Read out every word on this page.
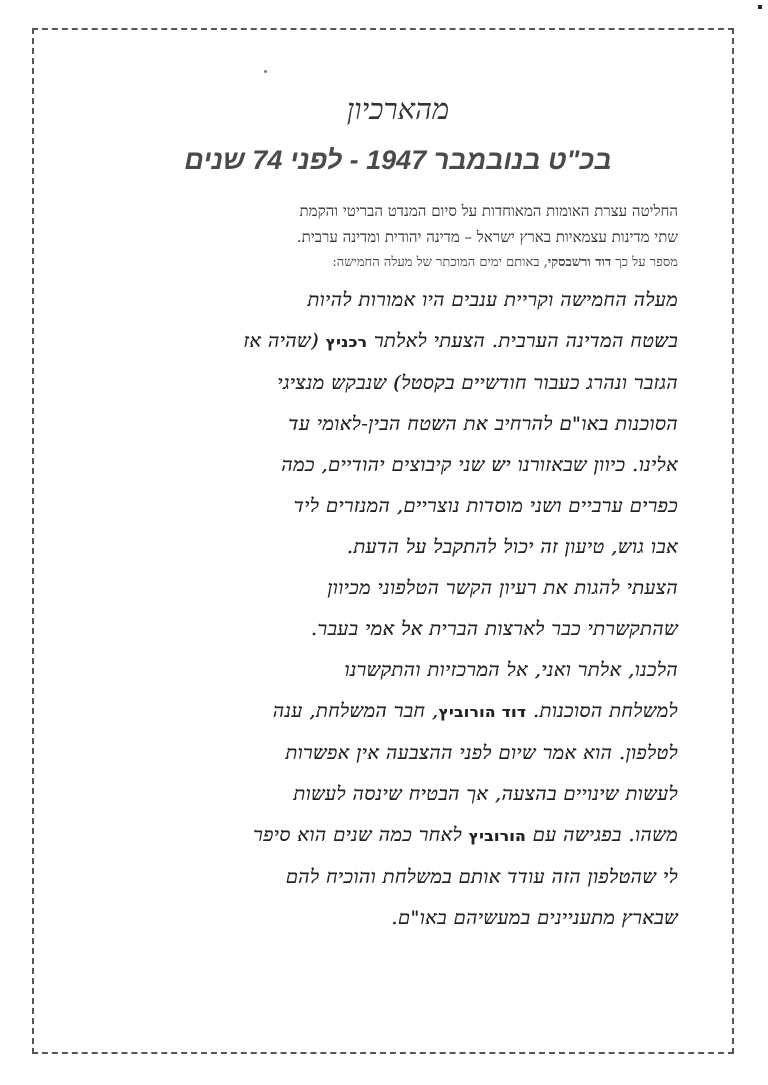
מהארכיון
בכ"ט בנובמבר 1947 - לפני 74 שנים
החליטה עצרת האומות המאוחדות על סיום המנדט הבריטי והקמת
שתי מדינות עצמאיות בארץ ישראל – מדינה יהודית ומדינה ערבית.
מספר על כך דוד ורשבסקי, באותם ימים המוכתר של מעלה החמישה:
מעלה החמישה וקריית ענבים היו אמורות להיות
בשטח המדינה הערבית. הצעתי לאלתר רכניץ (שהיה אז
הגזבר ונהרג כעבור חודשיים בקסטל) שנבקש מנציגי
הסוכנות באו"ם להרחיב את השטח הבין-לאומי עד
אלינו. כיוון שבאזורנו יש שני קיבוצים יהודיים, כמה
כפרים ערביים ושני מוסדות נוצריים, המנזרים ליד
אבו גוש, טיעון זה יכול להתקבל על הדעת.
הצעתי להגות את רעיון הקשר הטלפוני מכיוון
שהתקשרתי כבר לארצות הברית אל אמי בעבר.
הלכנו, אלתר ואני, אל המרכזיות והתקשרנו
למשלחת הסוכנות. דוד הורוביץ, חבר המשלחת, ענה
לטלפון. הוא אמר שיום לפני ההצבעה אין אפשרות
לעשות שינויים בהצעה, אך הבטיח שינסה לעשות
משהו. בפגישה עם הורוביץ לאחר כמה שנים הוא סיפר
לי שהטלפון הזה עודד אותם במשלחת והוכיח להם
שבארץ מתעניינים במעשיהם באו"ם.
